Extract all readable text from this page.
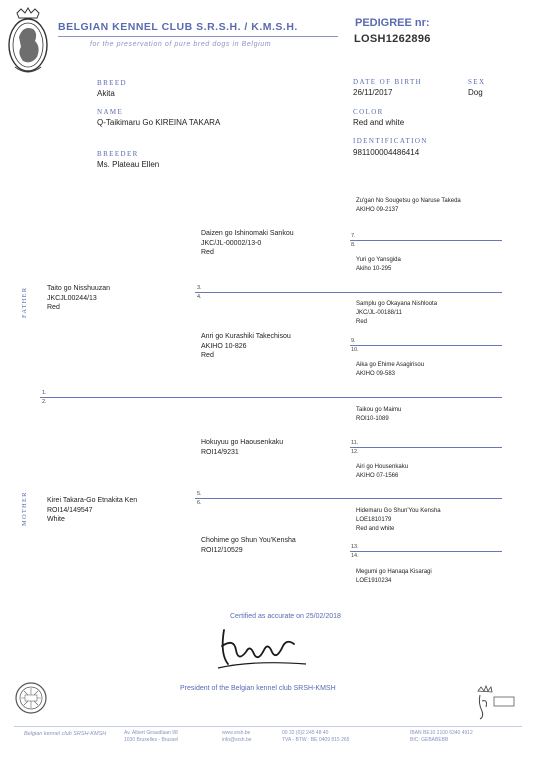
BELGIAN KENNEL CLUB S.R.S.H. / K.M.S.H.
for the preservation of pure bred dogs in Belgium
PEDIGREE nr:
LOSH1262896
BREED
Akita
DATE OF BIRTH
26/11/2017
SEX
Dog
NAME
Q-Taikimaru Go KIREINA TAKARA
COLOR
Red and white
BREEDER
Ms. Plateau Ellen
IDENTIFICATION
981100004486414
FATHER
MOTHER
Taito go Nisshuuzan
JKCJL00244/13
Red
Kirei Takara-Go Etnakita Ken
ROI14/149547
White
Daizen go Ishinomaki Sankou
JKC/JL-00002/13-0
Red
Anri go Kurashiki Takechisou
AKIHO 10-826
Red
Hokuyuu go Haousenkaku
ROI14/9231
Chohime go Shun You'Kensha
ROI12/10529
Zu'gan No Sougetsu go Naruse Takeda
AKIHO 09-2137
Yuri go Yansgida
Akiho 10-295
Samplu go Okayana Nishloota
JKC/JL-00188/11
Red
Aika go Ehime Asagirisou
AKIHO 09-583
Taikou go Maimu
ROI10-1089
Airi go Housenkaku
AKIHO 07-1566
Hidemaru Go Shun'You Kensha
LOE1810179
Red and white
Megumi go Hanaqa Kisaragi
LOE1910234
1.
2.
3.
4.
5.
6.
7.
8.
9.
10.
11.
12.
13.
14.
Certified as accurate on 25/02/2018
President of the Belgian kennel club SRSH-KMSH
Belgian kennel club SRSH-KMSH	Av. Albert Giraudlaan 98
1030 Bruxelles - Brussel
www.srsh.be
info@srsh.be
00 32 (0)2 245 48 40
TVA - BTW : BE 0409 815 265
IBAN BE10 2100 6340 4912
BIC: GEBABEBB
